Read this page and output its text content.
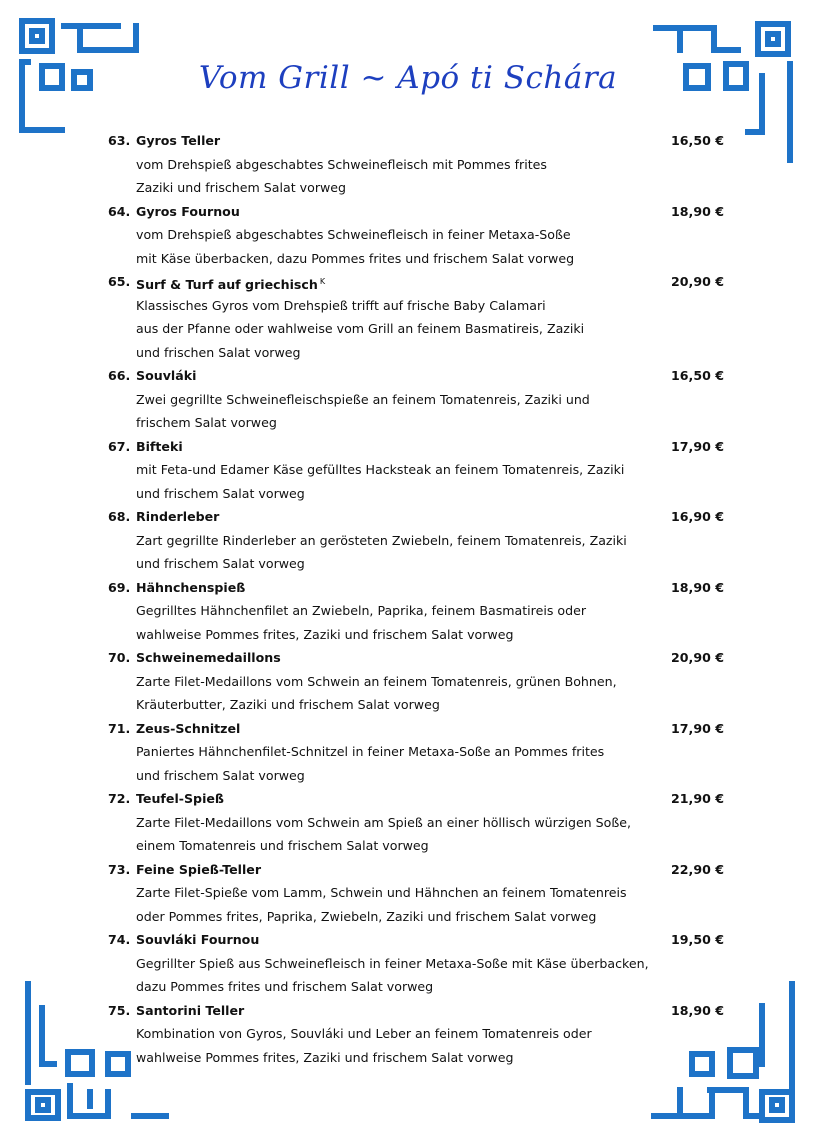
Vom Grill ~ Apó ti Schára
63. Gyros Teller	16,50 €
vom Drehspieß abgeschabtes Schweinefleisch mit Pommes frites
Zaziki und frischem Salat vorweg
64. Gyros Fournou	18,90 €
vom Drehspieß abgeschabtes Schweinefleisch in feiner Metaxa-Soße
mit Käse überbacken, dazu Pommes frites und frischem Salat vorweg
65. Surf & Turf auf griechisch $^K$	20,90 €
Klassisches Gyros vom Drehspieß trifft auf frische Baby Calamari
aus der Pfanne oder wahlweise vom Grill an feinem Basmatireis, Zaziki
und frischen Salat vorweg
66. Souvláki	16,50 €
Zwei gegrillte Schweinefleischspieße an feinem Tomatenreis, Zaziki und
frischem Salat vorweg
67. Bifteki	17,90 €
mit Feta-und Edamer Käse gefülltes Hacksteak an feinem Tomatenreis, Zaziki
und frischem Salat vorweg
68. Rinderleber	16,90 €
Zart gegrillte Rinderleber an gerösteten Zwiebeln, feinem Tomatenreis, Zaziki
und frischem Salat vorweg
69. Hähnchenspieß	18,90 €
Gegrilltes Hähnchenfilet an Zwiebeln, Paprika, feinem Basmatireis oder
wahlweise Pommes frites, Zaziki und frischem Salat vorweg
70. Schweinemedaillons	20,90 €
Zarte Filet-Medaillons vom Schwein an feinem Tomatenreis, grünen Bohnen,
Kräuterbutter, Zaziki und frischem Salat vorweg
71. Zeus-Schnitzel	17,90 €
Paniertes Hähnchenfilet-Schnitzel in feiner Metaxa-Soße an Pommes frites
und frischem Salat vorweg
72. Teufel-Spieß	21,90 €
Zarte Filet-Medaillons vom Schwein am Spieß an einer höllisch würzigen Soße,
einem Tomatenreis und frischem Salat vorweg
73. Feine Spieß-Teller	22,90 €
Zarte Filet-Spieße vom Lamm, Schwein und Hähnchen an feinem Tomatenreis
oder Pommes frites, Paprika, Zwiebeln, Zaziki und frischem Salat vorweg
74. Souvláki Fournou	19,50 €
Gegrillter Spieß aus Schweinefleisch in feiner Metaxa-Soße mit Käse überbacken,
dazu Pommes frites und frischem Salat vorweg
75. Santorini Teller	18,90 €
Kombination von Gyros, Souvláki und Leber an feinem Tomatenreis oder
wahlweise Pommes frites, Zaziki und frischem Salat vorweg
